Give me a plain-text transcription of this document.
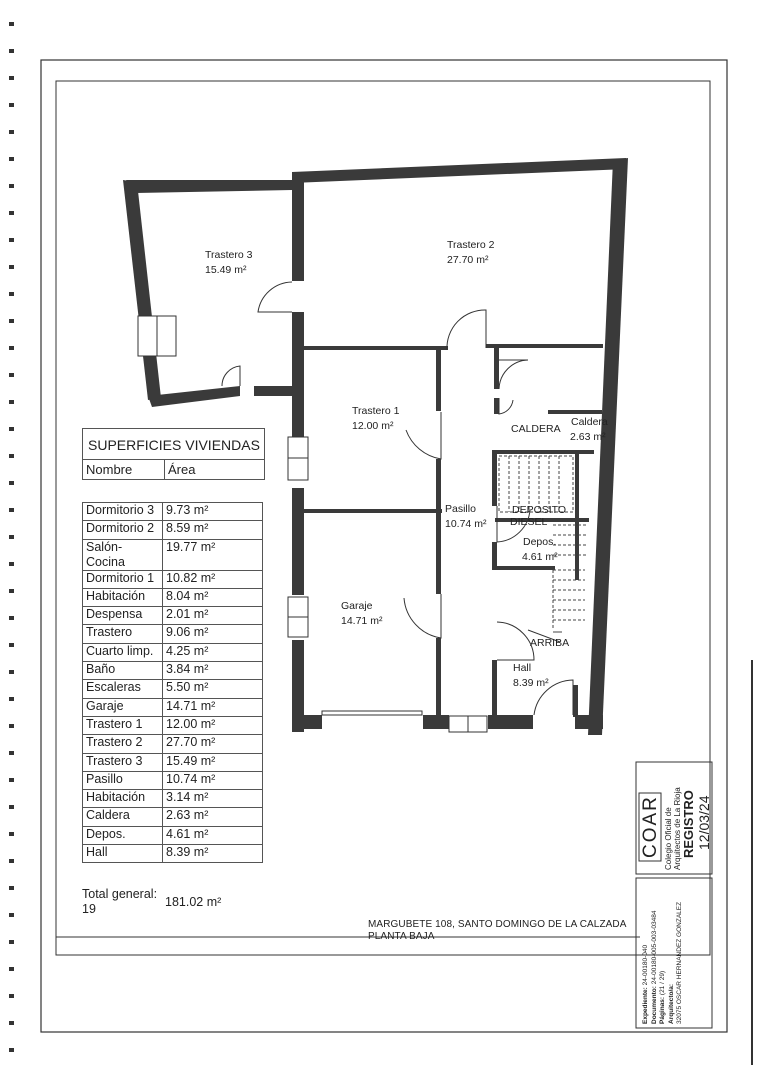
Trastero 3
15.49 m²
Trastero 2
27.70 m²
Trastero 1
12.00 m²	Caldera
2.63 m²
CALDERA
Pasillo
10.74 m²
DEPOSITO
DIESEL
Depos.
4.61 m²
Garaje
14.71 m²
ARRIBA
Hall
8.39 m²
SUPERFICIES VIVIENDAS
Nombre	Área
Dormitorio 3	9.73 m²
Dormitorio 2	8.59 m²
Salón-Cocina	19.77 m²
Dormitorio 1	10.82 m²
Habitación	8.04 m²
Despensa	2.01 m²
Trastero	9.06 m²
Cuarto limp.	4.25 m²
Baño	3.84 m²
Escaleras	5.50 m²
Garaje	14.71 m²
Trastero 1	12.00 m²
Trastero 2	27.70 m²
Trastero 3	15.49 m²
Pasillo	10.74 m²
Habitación	3.14 m²
Caldera	2.63 m²
Depos.	4.61 m²
Hall	8.39 m²
Total general: 19	181.02 m²
MARGUBETE 108, SANTO DOMINGO DE LA CALZADA
PLANTA BAJA
COAR Colegio Oficial de Arquitectos de La Rioja REGISTRO 12/03/24
Expediente: 24-00180-040
Documento: 24-00180-005-003-03484
Páginas: (21 / 29)
Arquitecto/a: 32075 OSCAR HERNANDEZ GONZALEZ
